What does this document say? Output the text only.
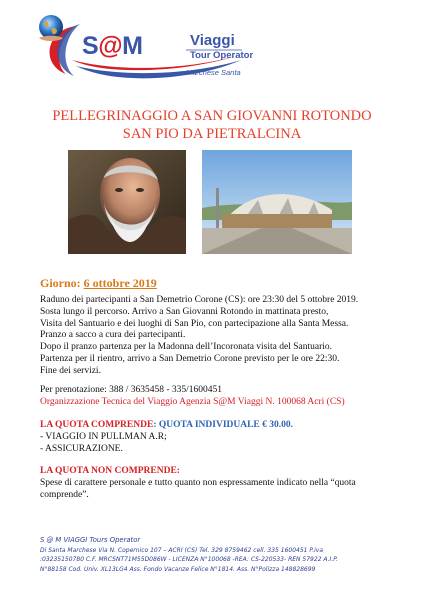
S@M	Viaggi
Tour Operator
Marchese Santa
PELLEGRINAGGIO A SAN GIOVANNI ROTONDO
SAN PIO DA PIETRALCINA
Giorno: 6 ottobre 2019
Raduno dei partecipanti a San Demetrio Corone (CS): ore 23:30 del 5 ottobre 2019.
Sosta lungo il percorso. Arrivo a San Giovanni Rotondo in mattinata presto,
Visita del Santuario e dei luoghi di San Pio, con partecipazione alla Santa Messa.
Pranzo a sacco a cura dei partecipanti.
Dopo il pranzo partenza per la Madonna dell’Incoronata visita del Santuario.
Partenza per il rientro, arrivo a San Demetrio Corone previsto per le ore 22:30.
Fine dei servizi.
Per prenotazione: 388 / 3635458 - 335/1600451
Organizzazione Tecnica del Viaggio Agenzia S@M Viaggi N. 100068 Acri (CS)
LA QUOTA COMPRENDE: QUOTA INDIVIDUALE € 30.00.
- VIAGGIO IN PULLMAN A.R;
- ASSICURAZIONE.
LA QUOTA NON COMPRENDE:
Spese di carattere personale e tutto quanto non espressamente indicato nella “quota
comprende”.
S @ M VIAGGI Tours Operator
Di Santa Marchese Via N. Copernico 107 – ACRI (CS) Tel. 329 8759462 cell. 335 1600451 P.iva
:03235150780 C.F. MRCSNT71M55D086W - LICENZA N°100068 -REA: CS-220533- REN 57922 A.I.P.
N°88158 Cod. Univ. XL13LG4 Ass. Fondo Vacanze Felice N°1814. Ass. N°Polizza 148828699
